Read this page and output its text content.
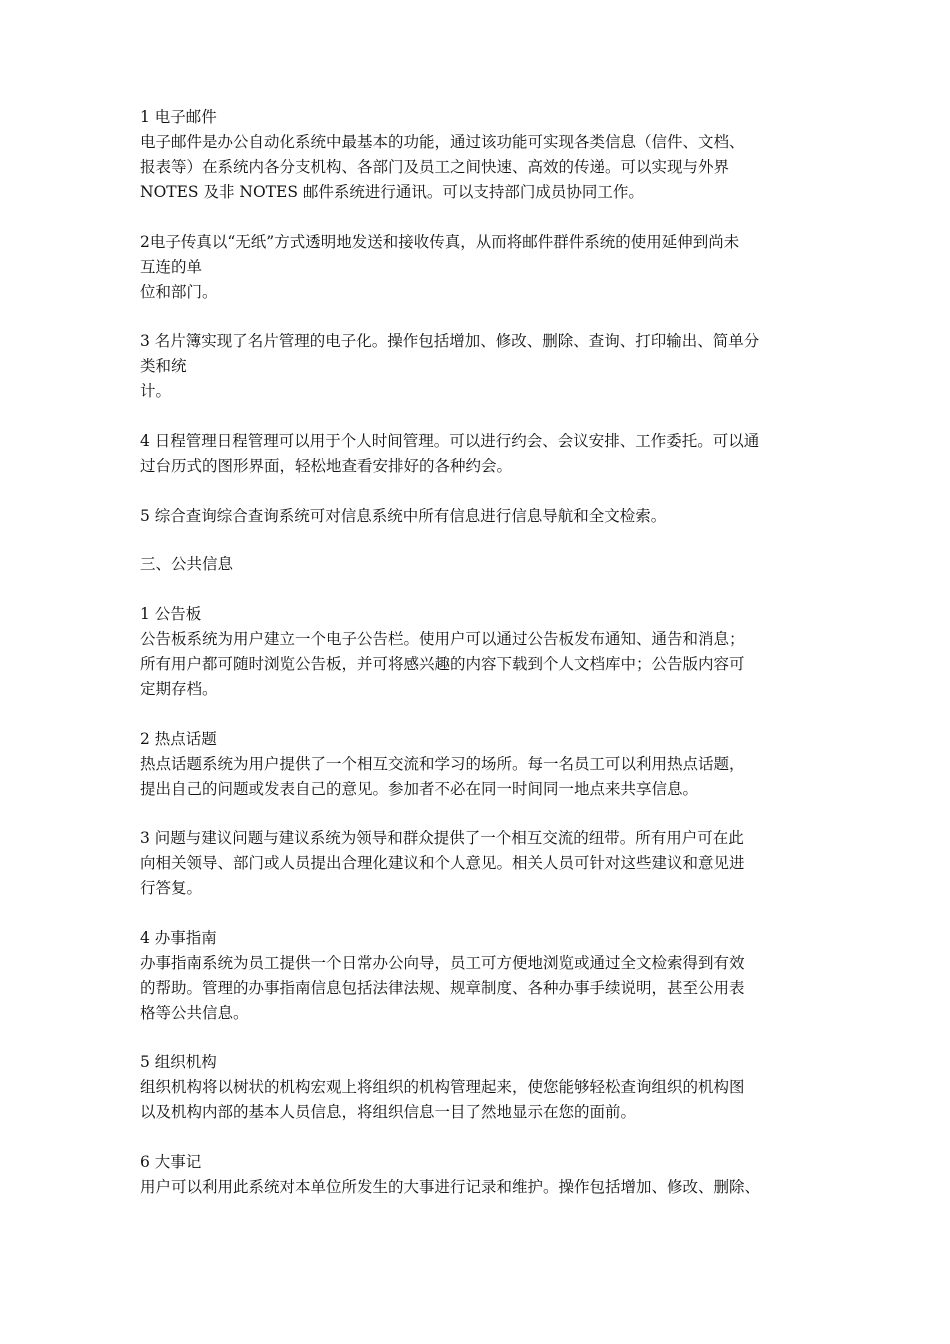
1 电子邮件
电子邮件是办公自动化系统中最基本的功能，通过该功能可实现各类信息（信件、文档、
报表等）在系统内各分支机构、各部门及员工之间快速、高效的传递。可以实现与外界
NOTES 及非 NOTES 邮件系统进行通讯。可以支持部门成员协同工作。
2电子传真以“无纸”方式透明地发送和接收传真，从而将邮件群件系统的使用延伸到尚未
互连的单
位和部门。
3 名片簿实现了名片管理的电子化。操作包括增加、修改、删除、查询、打印输出、简单分
类和统
计。
4 日程管理日程管理可以用于个人时间管理。可以进行约会、会议安排、工作委托。可以通
过台历式的图形界面，轻松地查看安排好的各种约会。
5 综合查询综合查询系统可对信息系统中所有信息进行信息导航和全文检索。
三、公共信息
1 公告板
公告板系统为用户建立一个电子公告栏。使用户可以通过公告板发布通知、通告和消息；
所有用户都可随时浏览公告板，并可将感兴趣的内容下载到个人文档库中；公告版内容可
定期存档。
2 热点话题
热点话题系统为用户提供了一个相互交流和学习的场所。每一名员工可以利用热点话题，
提出自己的问题或发表自己的意见。参加者不必在同一时间同一地点来共享信息。
3 问题与建议问题与建议系统为领导和群众提供了一个相互交流的纽带。所有用户可在此
向相关领导、部门或人员提出合理化建议和个人意见。相关人员可针对这些建议和意见进
行答复。
4 办事指南
办事指南系统为员工提供一个日常办公向导，员工可方便地浏览或通过全文检索得到有效
的帮助。管理的办事指南信息包括法律法规、规章制度、各种办事手续说明，甚至公用表
格等公共信息。
5 组织机构
组织机构将以树状的机构宏观上将组织的机构管理起来，使您能够轻松查询组织的机构图
以及机构内部的基本人员信息，将组织信息一目了然地显示在您的面前。
6 大事记
用户可以利用此系统对本单位所发生的大事进行记录和维护。操作包括增加、修改、删除、
